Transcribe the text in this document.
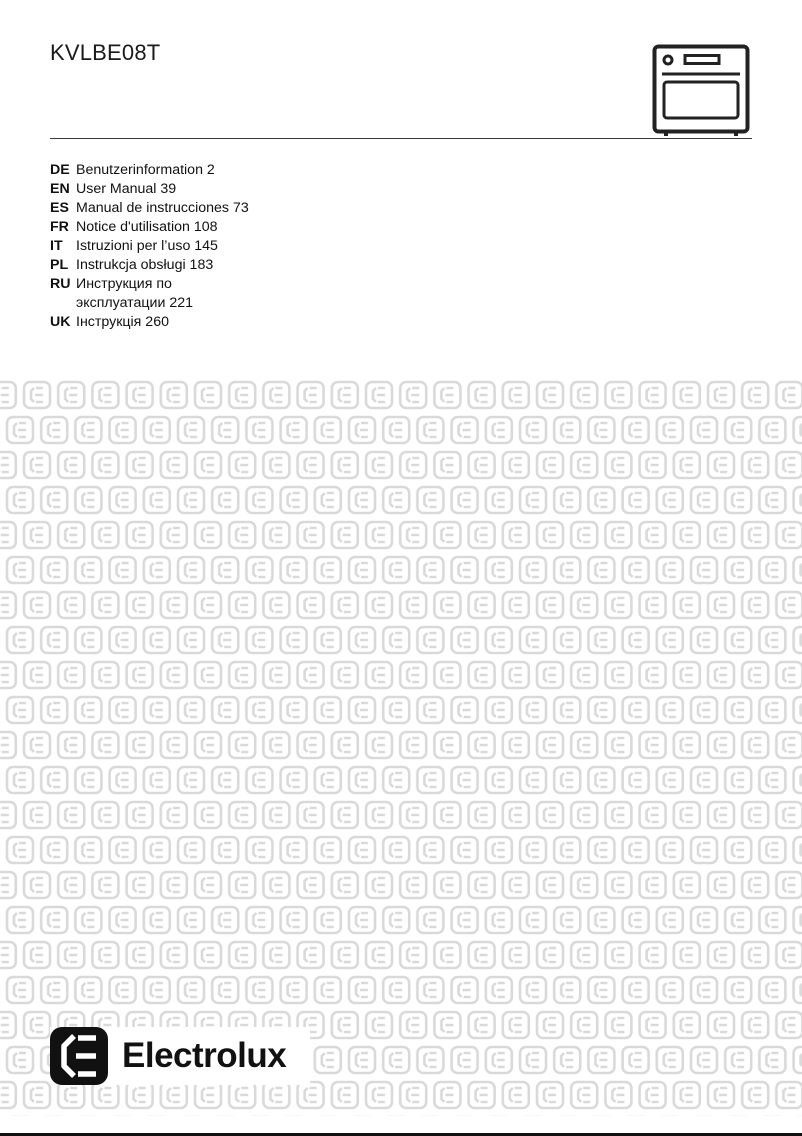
KVLBE08T
DE Benutzerinformation 2
EN User Manual 39
ES Manual de instrucciones 73
FR Notice d'utilisation 108
IT Istruzioni per l’uso 145
PL Instrukcja obsługi 183
RU Инструкция по
эксплуатации 221
UK Інструкція 260
Electrolux
